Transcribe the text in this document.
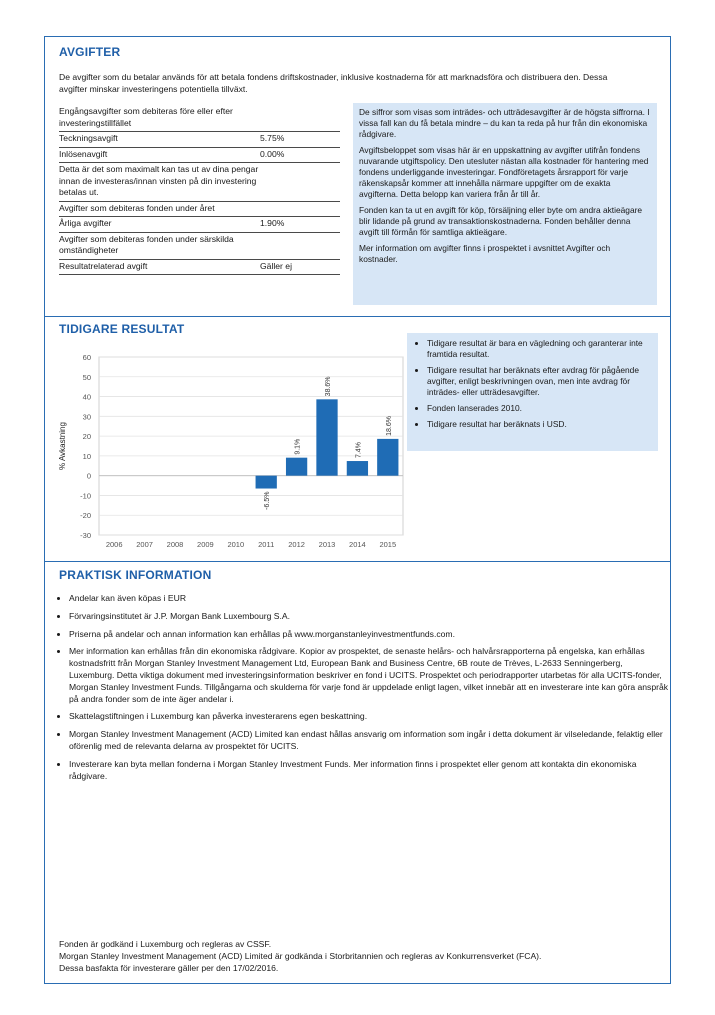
AVGIFTER
De avgifter som du betalar används för att betala fondens driftskostnader, inklusive kostnaderna för att marknadsföra och distribuera den. Dessa avgifter minskar investeringens potentiella tillväxt.
Engångsavgifter som debiteras före eller efter investeringstillfället	
Teckningsavgift	5.75%
Inlösenavgift	0.00%
Detta är det som maximalt kan tas ut av dina pengar innan de investeras/innan vinsten på din investering betalas ut.	
Avgifter som debiteras fonden under året	
Årliga avgifter	1.90%
Avgifter som debiteras fonden under särskilda omständigheter	
Resultatrelaterad avgift	Gäller ej

De siffror som visas som inträdes- och utträdesavgifter är de högsta siffrorna. I vissa fall kan du få betala mindre – du kan ta reda på hur från din ekonomiska rådgivare.

Avgiftsbeloppet som visas här är en uppskattning av avgifter utifrån fondens nuvarande utgiftspolicy. Den utesluter nästan alla kostnader för hantering med fondens underliggande investeringar. Fondföretagets årsrapport för varje räkenskapsår kommer att innehålla närmare uppgifter om de exakta avgifterna. Detta belopp kan variera från år till år.

Fonden kan ta ut en avgift för köp, försäljning eller byte om andra aktieägare blir lidande på grund av transaktionskostnaderna. Fonden behåller denna avgift till förmån för samtliga aktieägare.

Mer information om avgifter finns i prospektet i avsnittet Avgifter och kostnader.

TIDIGARE RESULTAT
60
50
40
30
20
10
0
-10
-20
-30
% Avkastning
2006 2007 2008 2009 2010 2011
-6.5%
2012
9.1%
2013
38.6%
2014
7.4%
2015
18.6%
• Tidigare resultat är bara en vägledning och garanterar inte framtida resultat.
• Tidigare resultat har beräknats efter avdrag för pågående avgifter, enligt beskrivningen ovan, men inte avdrag för inträdes- eller utträdesavgifter.
• Fonden lanserades 2010.
• Tidigare resultat har beräknats i USD.
PRAKTISK INFORMATION
• Andelar kan även köpas i EUR
• Förvaringsinstitutet är J.P. Morgan Bank Luxembourg S.A.
• Priserna på andelar och annan information kan erhållas på www.morganstanleyinvestmentfunds.com.
• Mer information kan erhållas från din ekonomiska rådgivare. Kopior av prospektet, de senaste helårs- och halvårsrapporterna på engelska, kan erhållas kostnadsfritt från Morgan Stanley Investment Management Ltd, European Bank and Business Centre, 6B route de Trèves, L-2633 Senningerberg, Luxemburg. Detta viktiga dokument med investeringsinformation beskriver en fond i UCITS. Prospektet och periodrapporter utarbetas för alla UCITS-fonder, Morgan Stanley Investment Funds. Tillgångarna och skulderna för varje fond är uppdelade enligt lagen, vilket innebär att en investerare inte kan göra anspråk på andra fonder som de inte äger andelar i.
• Skattelagstiftningen i Luxemburg kan påverka investerarens egen beskattning.
• Morgan Stanley Investment Management (ACD) Limited kan endast hållas ansvarig om information som ingår i detta dokument är vilseledande, felaktig eller oförenlig med de relevanta delarna av prospektet för UCITS.
• Investerare kan byta mellan fonderna i Morgan Stanley Investment Funds. Mer information finns i prospektet eller genom att kontakta din ekonomiska rådgivare.
Fonden är godkänd i Luxemburg och regleras av CSSF.
Morgan Stanley Investment Management (ACD) Limited är godkända i Storbritannien och regleras av Konkurrensverket (FCA).
Dessa basfakta för investerare gäller per den 17/02/2016.
